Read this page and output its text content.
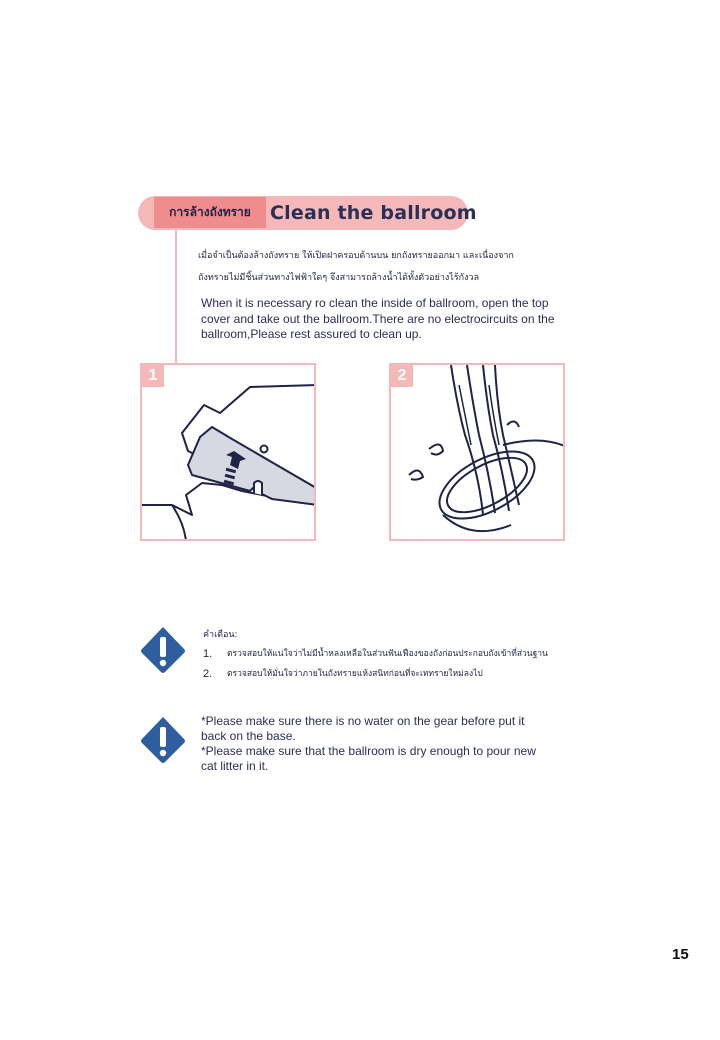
การล้างถังทราย	Clean the ballroom
เมื่อจำเป็นต้องล้างถังทราย ให้เปิดฝาครอบด้านบน ยกถังทรายออกมา และเนื่องจาก
ถังทรายไม่มีชิ้นส่วนทางไฟฟ้าใดๆ จึงสามารถล้างน้ำได้ทั้งตัวอย่างไร้กังวล
When it is necessary ro clean the inside of ballroom, open the top
cover and take out the ballroom.There are no electrocircuits on the
ballroom,Please rest assured to clean up.
1	2
คำเตือน:
1.	ตรวจสอบให้แน่ใจว่าไม่มีน้ำหลงเหลือในส่วนฟันเฟืองของถังก่อนประกอบถังเข้าที่ส่วนฐาน
2.	ตรวจสอบให้มั่นใจว่าภายในถังทรายแห้งสนิทก่อนที่จะเททรายใหม่ลงไป
*Please make sure there is no water on the gear before put it
back on the base.
*Please make sure that the ballroom is dry enough to pour new
cat litter in it.
15
